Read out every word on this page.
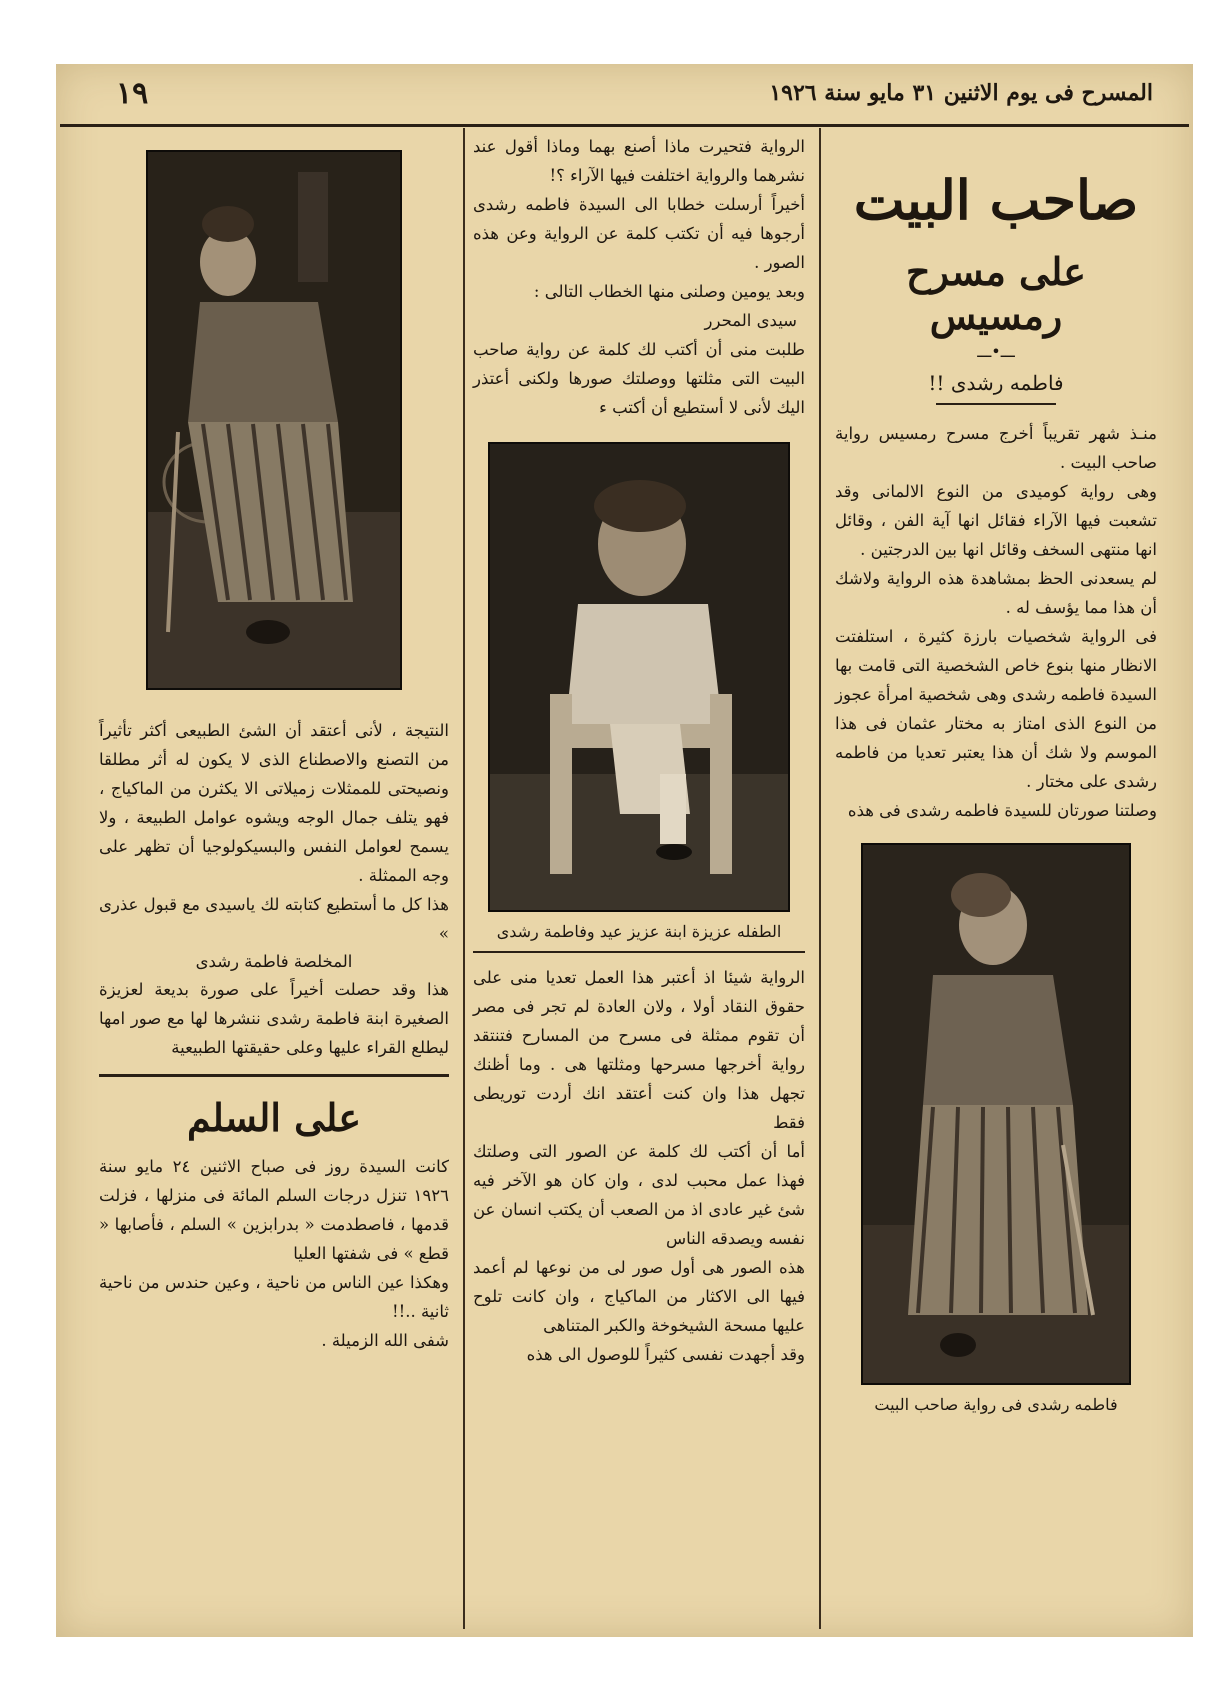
المسرح فى يوم الاثنين ٣١ مايو سنة ١٩٢٦
١٩
صاحب البيت
على مسرح رمسيس
ـــ•ـــ
فاطمه رشدى !!

منـذ شهر تقريباً أخرج مسرح رمسيس رواية صاحب البيت .

وهى رواية كوميدى من النوع الالمانى وقد تشعبت فيها الآراء فقائل انها آية الفن ، وقائل انها منتهى السخف وقائل انها بين الدرجتين .

لم يسعدنى الحظ بمشاهدة هذه الرواية ولاشك أن هذا مما يؤسف له .

فى الرواية شخصيات بارزة كثيرة ، استلفتت الانظار منها بنوع خاص الشخصية التى قامت بها السيدة فاطمه رشدى وهى شخصية امرأة عجوز من النوع الذى امتاز به مختار عثمان فى هذا الموسم ولا شك أن هذا يعتبر تعديا من فاطمه رشدى على مختار .

وصلتنا صورتان للسيدة فاطمه رشدى فى هذه

فاطمه رشدى فى رواية صاحب البيت

الرواية فتحيرت ماذا أصنع بهما وماذا أقول عند نشرهما والرواية اختلفت فيها الآراء ؟!

أخيراً أرسلت خطابا الى السيدة فاطمه رشدى أرجوها فيه أن تكتب كلمة عن الرواية وعن هذه الصور .

وبعد يومين وصلنى منها الخطاب التالى :

سيدى المحرر

طلبت منى أن أكتب لك كلمة عن رواية صاحب البيت التى مثلتها ووصلتك صورها ولكنى أعتذر اليك لأنى لا أستطيع أن أكتب ء

الطفله عزيزة ابنة عزيز عيد وفاطمة رشدى

الرواية شيئا اذ أعتبر هذا العمل تعديا منى على حقوق النقاد أولا ، ولان العادة لم تجر فى مصر أن تقوم ممثلة فى مسرح من المسارح فتنتقد رواية أخرجها مسرحها ومثلتها هى . وما أظنك تجهل هذا وان كنت أعتقد انك أردت توريطى فقط

أما أن أكتب لك كلمة عن الصور التى وصلتك فهذا عمل محبب لدى ، وان كان هو الآخر فيه شئ غير عادى اذ من الصعب أن يكتب انسان عن نفسه ويصدقه الناس

هذه الصور هى أول صور لى من نوعها لم أعمد فيها الى الاكثار من الماكياج ، وان كانت تلوح عليها مسحة الشيخوخة والكبر المتناهى

وقد أجهدت نفسى كثيراً للوصول الى هذه

النتيجة ، لأنى أعتقد أن الشئ الطبيعى أكثر تأثيراً من التصنع والاصطناع الذى لا يكون له أثر مطلقا ونصيحتى للممثلات زميلاتى الا يكثرن من الماكياج ، فهو يتلف جمال الوجه ويشوه عوامل الطبيعة ، ولا يسمح لعوامل النفس والبسيكولوجيا أن تظهر على وجه الممثلة .

هذا كل ما أستطيع كتابته لك ياسيدى مع قبول عذرى »

المخلصة فاطمة رشدى

هذا وقد حصلت أخيراً على صورة بديعة لعزيزة الصغيرة ابنة فاطمة رشدى ننشرها لها مع صور امها ليطلع القراء عليها وعلى حقيقتها الطبيعية

على السلم

كانت السيدة روز فى صباح الاثنين ٢٤ مايو سنة ١٩٢٦ تنزل درجات السلم المائة فى منزلها ، فزلت قدمها ، فاصطدمت « بدرابزين » السلم ، فأصابها « قطع » فى شفتها العليا

وهكذا عين الناس من ناحية ، وعين حندس من ناحية ثانية ..!!

شفى الله الزميلة .
